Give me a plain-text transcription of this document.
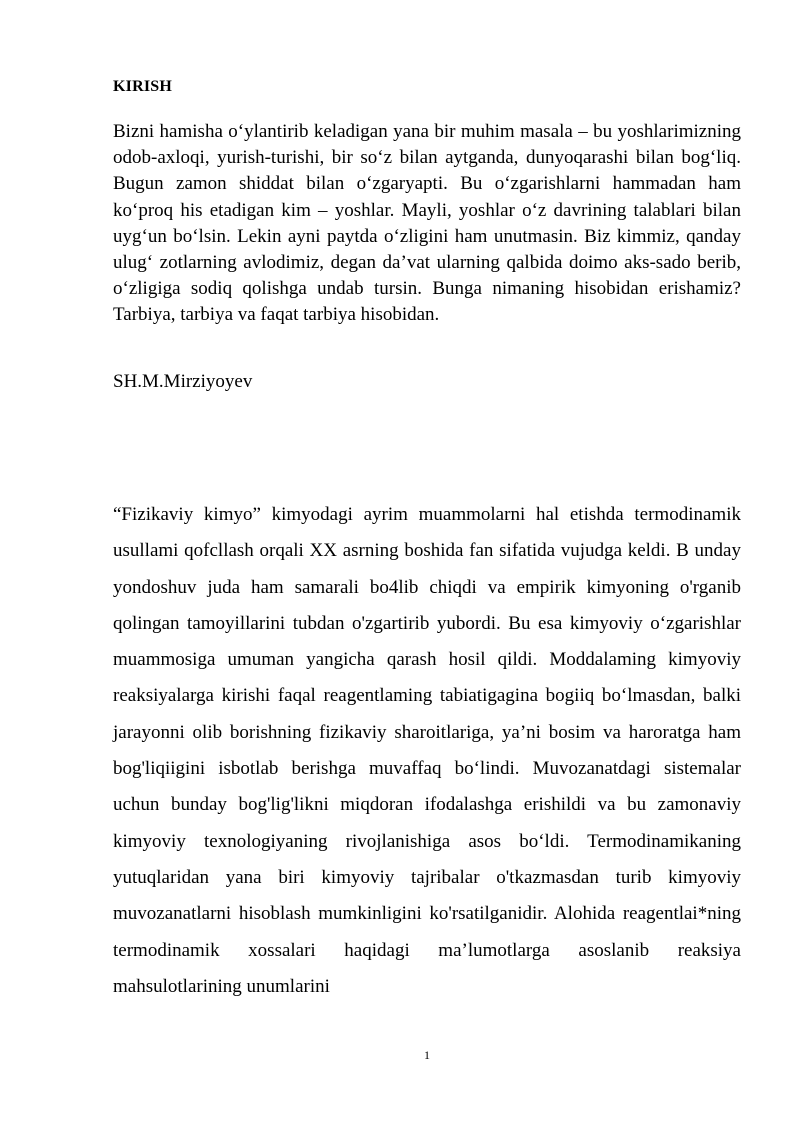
KIRISH

Bizni hamisha oʻylantirib keladigan yana bir muhim masala – bu yoshlarimizning odob-axloqi, yurish-turishi, bir soʻz bilan aytganda, dunyoqarashi bilan bogʻliq. Bugun zamon shiddat bilan oʻzgaryapti. Bu oʻzgarishlarni hammadan ham koʻproq his etadigan kim – yoshlar. Mayli, yoshlar oʻz davrining talablari bilan uygʻun boʻlsin. Lekin ayni paytda oʻzligini ham unutmasin. Biz kimmiz, qanday ulugʻ zotlarning avlodimiz, degan da’vat ularning qalbida doimo aks-sado berib, oʻzligiga sodiq qolishga undab tursin. Bunga nimaning hisobidan erishamiz? Tarbiya, tarbiya va faqat tarbiya hisobidan.

SH.M.Mirziyoyev

“Fizikaviy kimyo” kimyodagi ayrim muammolarni hal etishda termodinamik usullami qofcllash orqali XX asrning boshida fan sifatida vujudga keldi. B unday yondoshuv juda ham samarali bo4lib chiqdi va empirik kimyoning o'rganib qolingan tamoyillarini tubdan o'zgartirib yubordi. Bu esa kimyoviy oʻzgarishlar muammosiga umuman yangicha qarash hosil qildi. Moddalaming kimyoviy reaksiyalarga kirishi faqal reagentlaming tabiatigagina bogiiq boʻlmasdan, balki jarayonni olib borishning fizikaviy sharoitlariga, ya’ni bosim va haroratga ham bog'liqiigini isbotlab berishga muvaffaq boʻlindi. Muvozanatdagi sistemalar uchun bunday bog'lig'likni miqdoran ifodalashga erishildi va bu zamonaviy kimyoviy texnologiyaning rivojlanishiga asos boʻldi. Termodinamikaning yutuqlaridan yana biri kimyoviy tajribalar o'tkazmasdan turib kimyoviy muvozanatlarni hisoblash mumkinligini ko'rsatilganidir. Alohida reagentlai*ning termodinamik xossalari haqidagi ma’lumotlarga asoslanib reaksiya mahsulotlarining unumlarini

1
